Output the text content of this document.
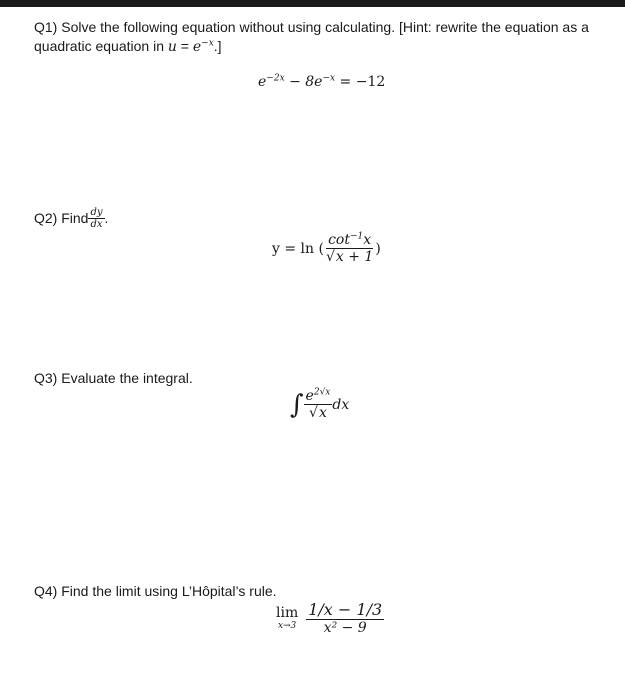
Q1) Solve the following equation without using calculating. [Hint: rewrite the equation as a
quadratic equation in $u = e^{-x}$.]
$e^{-2x} - 8e^{-x} = -12$
Q2) Find $\frac{dy}{dx}$ .
y = ln ( $\frac{\cot^{-1}x}{√x + 1}$ )
Q3) Evaluate the integral.
∫ $\frac{e^{2√x}}{√x}$ dx
Q4) Find the limit using L’Hôpital’s rule.
lim
$x\to 3 \frac{1/x - 1/3}{\text{x² − 9}}$
